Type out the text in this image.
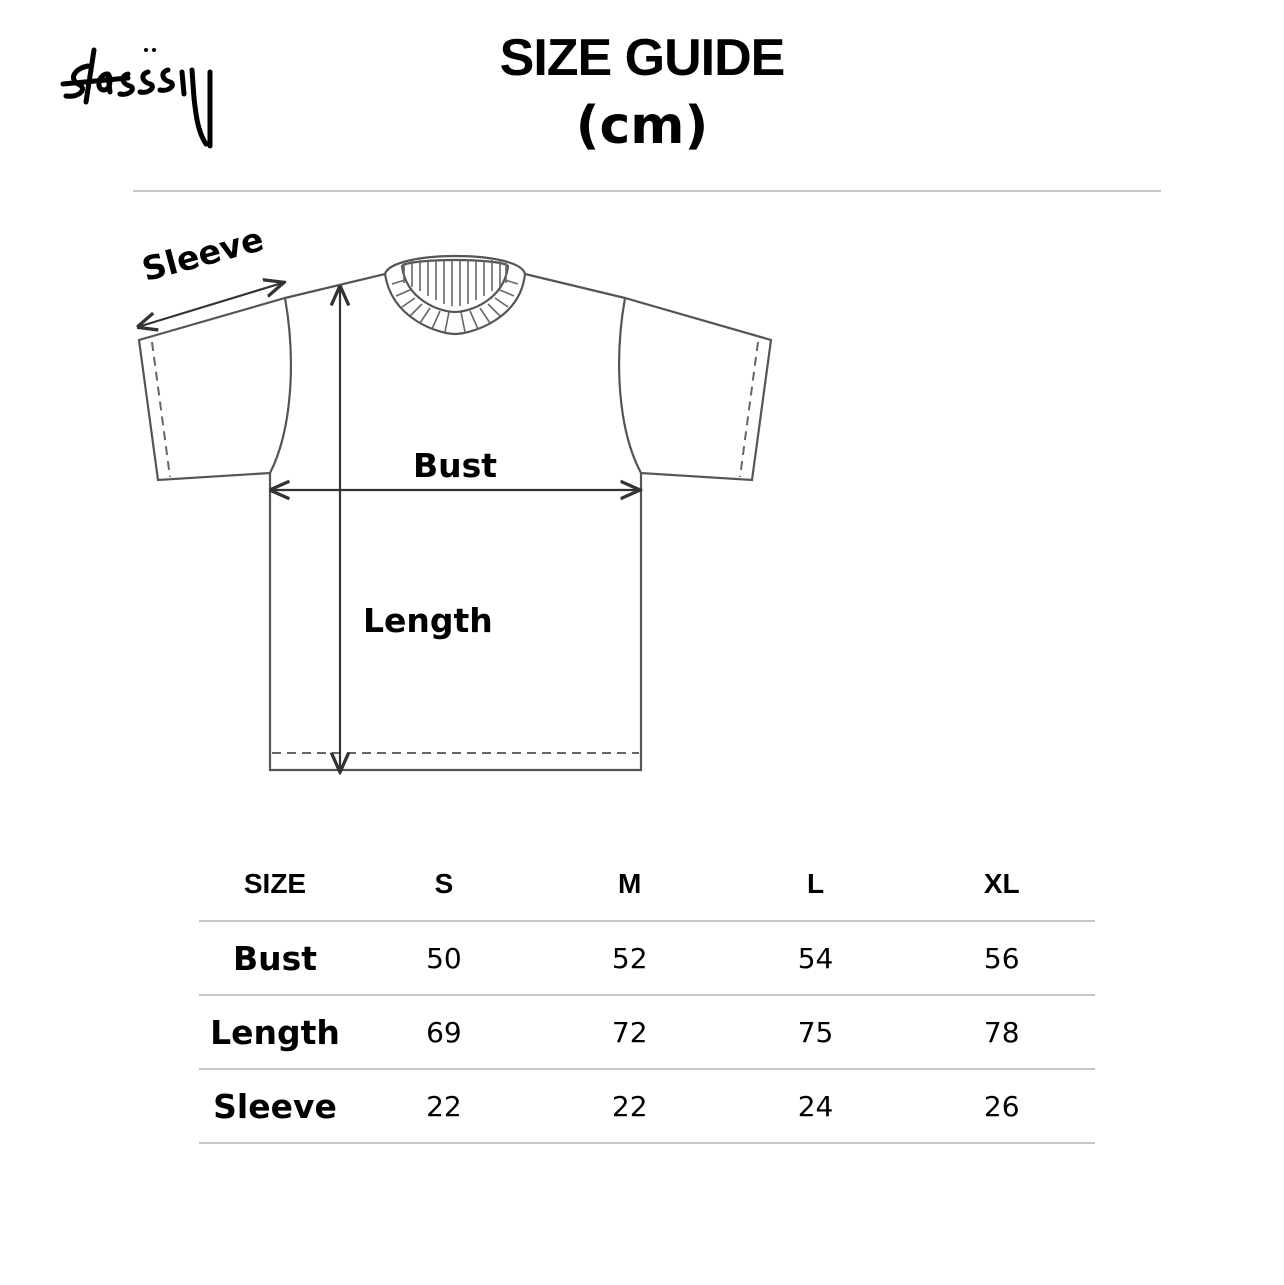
SIZE GUIDE
(cm)
Sleeve
Bust
Length
SIZE	S	M	L	XL
Bust	50	52	54	56
Length	69	72	75	78
Sleeve	22	22	24	26
